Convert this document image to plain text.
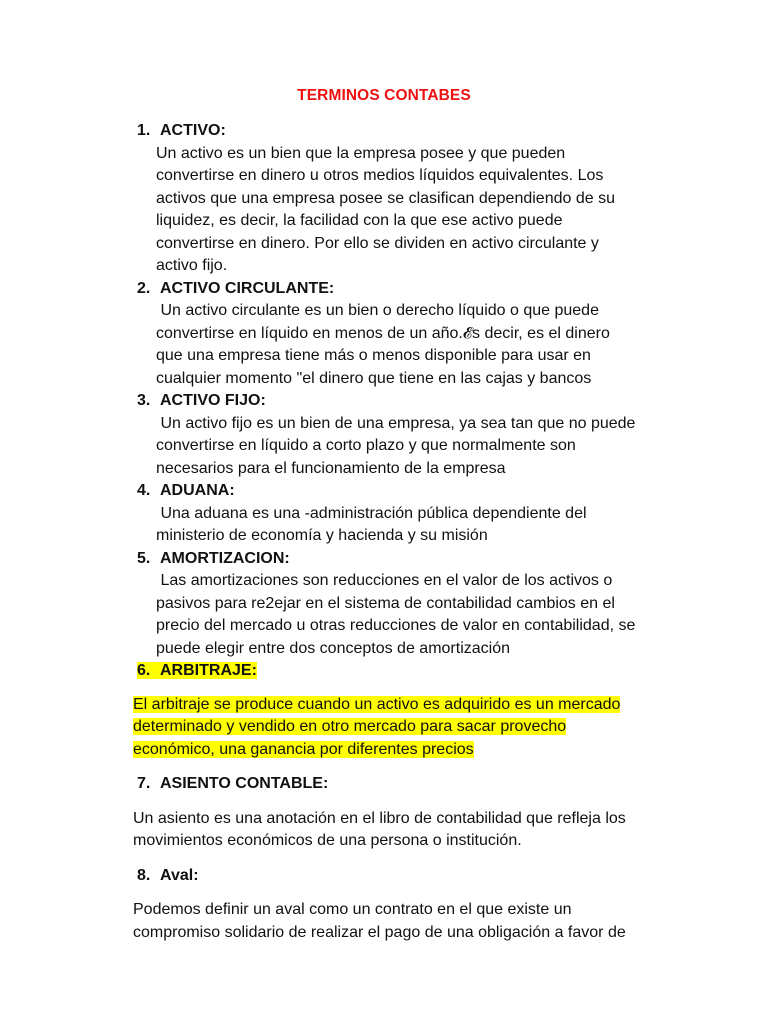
TERMINOS CONTABES
1. ACTIVO:
Un activo es un bien que la empresa posee y que pueden
convertirse en dinero u otros medios líquidos equivalentes. Los
activos que una empresa posee se clasifican dependiendo de su
liquidez, es decir, la facilidad con la que ese activo puede
convertirse en dinero. Por ello se dividen en activo circulante y
activo fijo.
2. ACTIVO CIRCULANTE:
Un activo circulante es un bien o derecho líquido o que puede
convertirse en líquido en menos de un año.𝓔s decir, es el dinero
que una empresa tiene más o menos disponible para usar en
cualquier momento "el dinero que tiene en las cajas y bancos
3. ACTIVO FIJO:
Un activo fijo es un bien de una empresa, ya sea tan que no puede
convertirse en líquido a corto plazo y que normalmente son
necesarios para el funcionamiento de la empresa
4. ADUANA:
Una aduana es una -administración pública dependiente del
ministerio de economía y hacienda y su misión
5. AMORTIZACION:
Las amortizaciones son reducciones en el valor de los activos o
pasivos para re2ejar en el sistema de contabilidad cambios en el
precio del mercado u otras reducciones de valor en contabilidad, se
puede elegir entre dos conceptos de amortización
6. ARBITRAJE:
El arbitraje se produce cuando un activo es adquirido es un mercado
determinado y vendido en otro mercado para sacar provecho
económico, una ganancia por diferentes precios
7. ASIENTO CONTABLE:
Un asiento es una anotación en el libro de contabilidad que refleja los
movimientos económicos de una persona o institución.
8. Aval:
Podemos definir un aval como un contrato en el que existe un
compromiso solidario de realizar el pago de una obligación a favor de
